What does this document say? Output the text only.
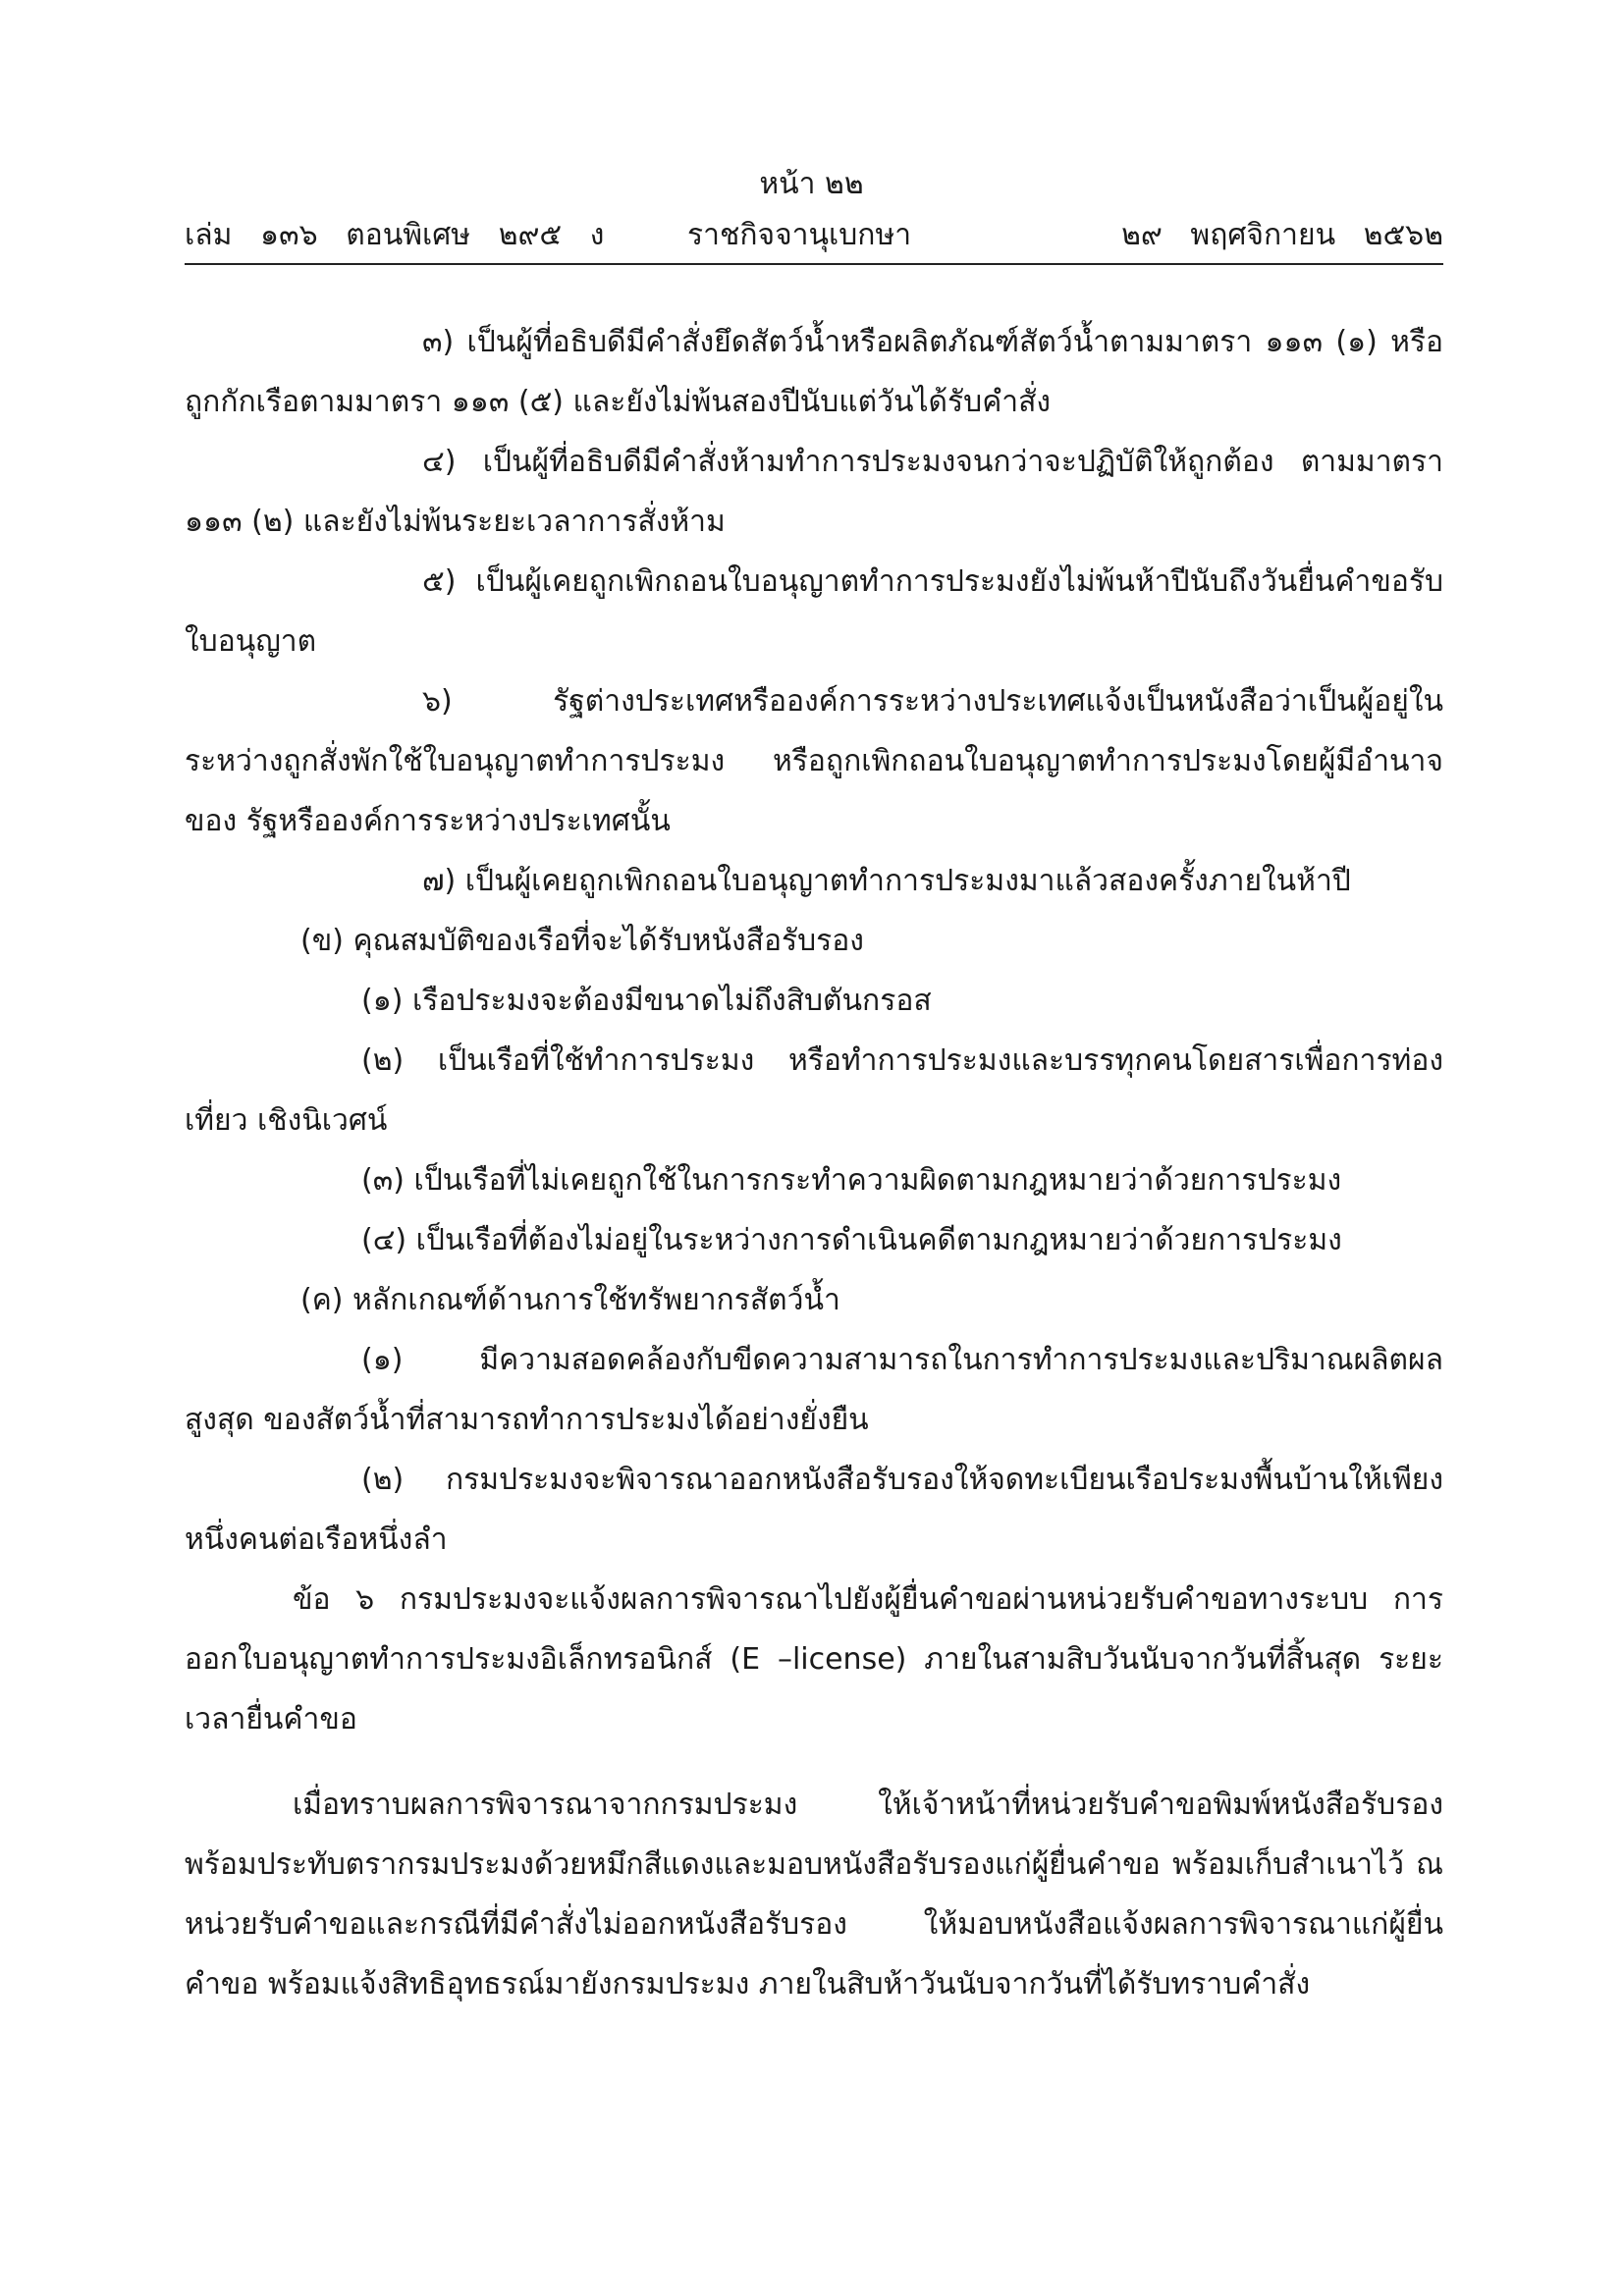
หน้า ๒๒
เล่ม   ๑๓๖   ตอนพิเศษ   ๒๙๕   ง	ราชกิจจานุเบกษา	๒๙   พฤศจิกายน   ๒๕๖๒

๓) เป็นผู้ที่อธิบดีมีคำสั่งยึดสัตว์น้ำหรือผลิตภัณฑ์สัตว์น้ำตามมาตรา ๑๑๓ (๑) หรือถูกกักเรือตามมาตรา ๑๑๓ (๕) และยังไม่พ้นสองปีนับแต่วันได้รับคำสั่ง

๔) เป็นผู้ที่อธิบดีมีคำสั่งห้ามทำการประมงจนกว่าจะปฏิบัติให้ถูกต้อง ตามมาตรา ๑๑๓ (๒) และยังไม่พ้นระยะเวลาการสั่งห้าม

๕) เป็นผู้เคยถูกเพิกถอนใบอนุญาตทำการประมงยังไม่พ้นห้าปีนับถึงวันยื่นคำขอรับ ใบอนุญาต

๖) รัฐต่างประเทศหรือองค์การระหว่างประเทศแจ้งเป็นหนังสือว่าเป็นผู้อยู่ใน ระหว่างถูกสั่งพักใช้ใบอนุญาตทำการประมง หรือถูกเพิกถอนใบอนุญาตทำการประมงโดยผู้มีอำนาจของ รัฐหรือองค์การระหว่างประเทศนั้น

๗) เป็นผู้เคยถูกเพิกถอนใบอนุญาตทำการประมงมาแล้วสองครั้งภายในห้าปี

(ข) คุณสมบัติของเรือที่จะได้รับหนังสือรับรอง

(๑) เรือประมงจะต้องมีขนาดไม่ถึงสิบตันกรอส

(๒) เป็นเรือที่ใช้ทำการประมง หรือทำการประมงและบรรทุกคนโดยสารเพื่อการท่องเที่ยว เชิงนิเวศน์

(๓) เป็นเรือที่ไม่เคยถูกใช้ในการกระทำความผิดตามกฎหมายว่าด้วยการประมง

(๔) เป็นเรือที่ต้องไม่อยู่ในระหว่างการดำเนินคดีตามกฎหมายว่าด้วยการประมง

(ค) หลักเกณฑ์ด้านการใช้ทรัพยากรสัตว์น้ำ

(๑) มีความสอดคล้องกับขีดความสามารถในการทำการประมงและปริมาณผลิตผลสูงสุด ของสัตว์น้ำที่สามารถทำการประมงได้อย่างยั่งยืน

(๒) กรมประมงจะพิจารณาออกหนังสือรับรองให้จดทะเบียนเรือประมงพื้นบ้านให้เพียง หนึ่งคนต่อเรือหนึ่งลำ

ข้อ ๖ กรมประมงจะแจ้งผลการพิจารณาไปยังผู้ยื่นคำขอผ่านหน่วยรับคำขอทางระบบ การออกใบอนุญาตทำการประมงอิเล็กทรอนิกส์ (E –license) ภายในสามสิบวันนับจากวันที่สิ้นสุด ระยะเวลายื่นคำขอ

เมื่อทราบผลการพิจารณาจากกรมประมง ให้เจ้าหน้าที่หน่วยรับคำขอพิมพ์หนังสือรับรอง พร้อมประทับตรากรมประมงด้วยหมึกสีแดงและมอบหนังสือรับรองแก่ผู้ยื่นคำขอ พร้อมเก็บสำเนาไว้ ณ หน่วยรับคำขอและกรณีที่มีคำสั่งไม่ออกหนังสือรับรอง ให้มอบหนังสือแจ้งผลการพิจารณาแก่ผู้ยื่นคำขอ พร้อมแจ้งสิทธิอุทธรณ์มายังกรมประมง ภายในสิบห้าวันนับจากวันที่ได้รับทราบคำสั่ง
